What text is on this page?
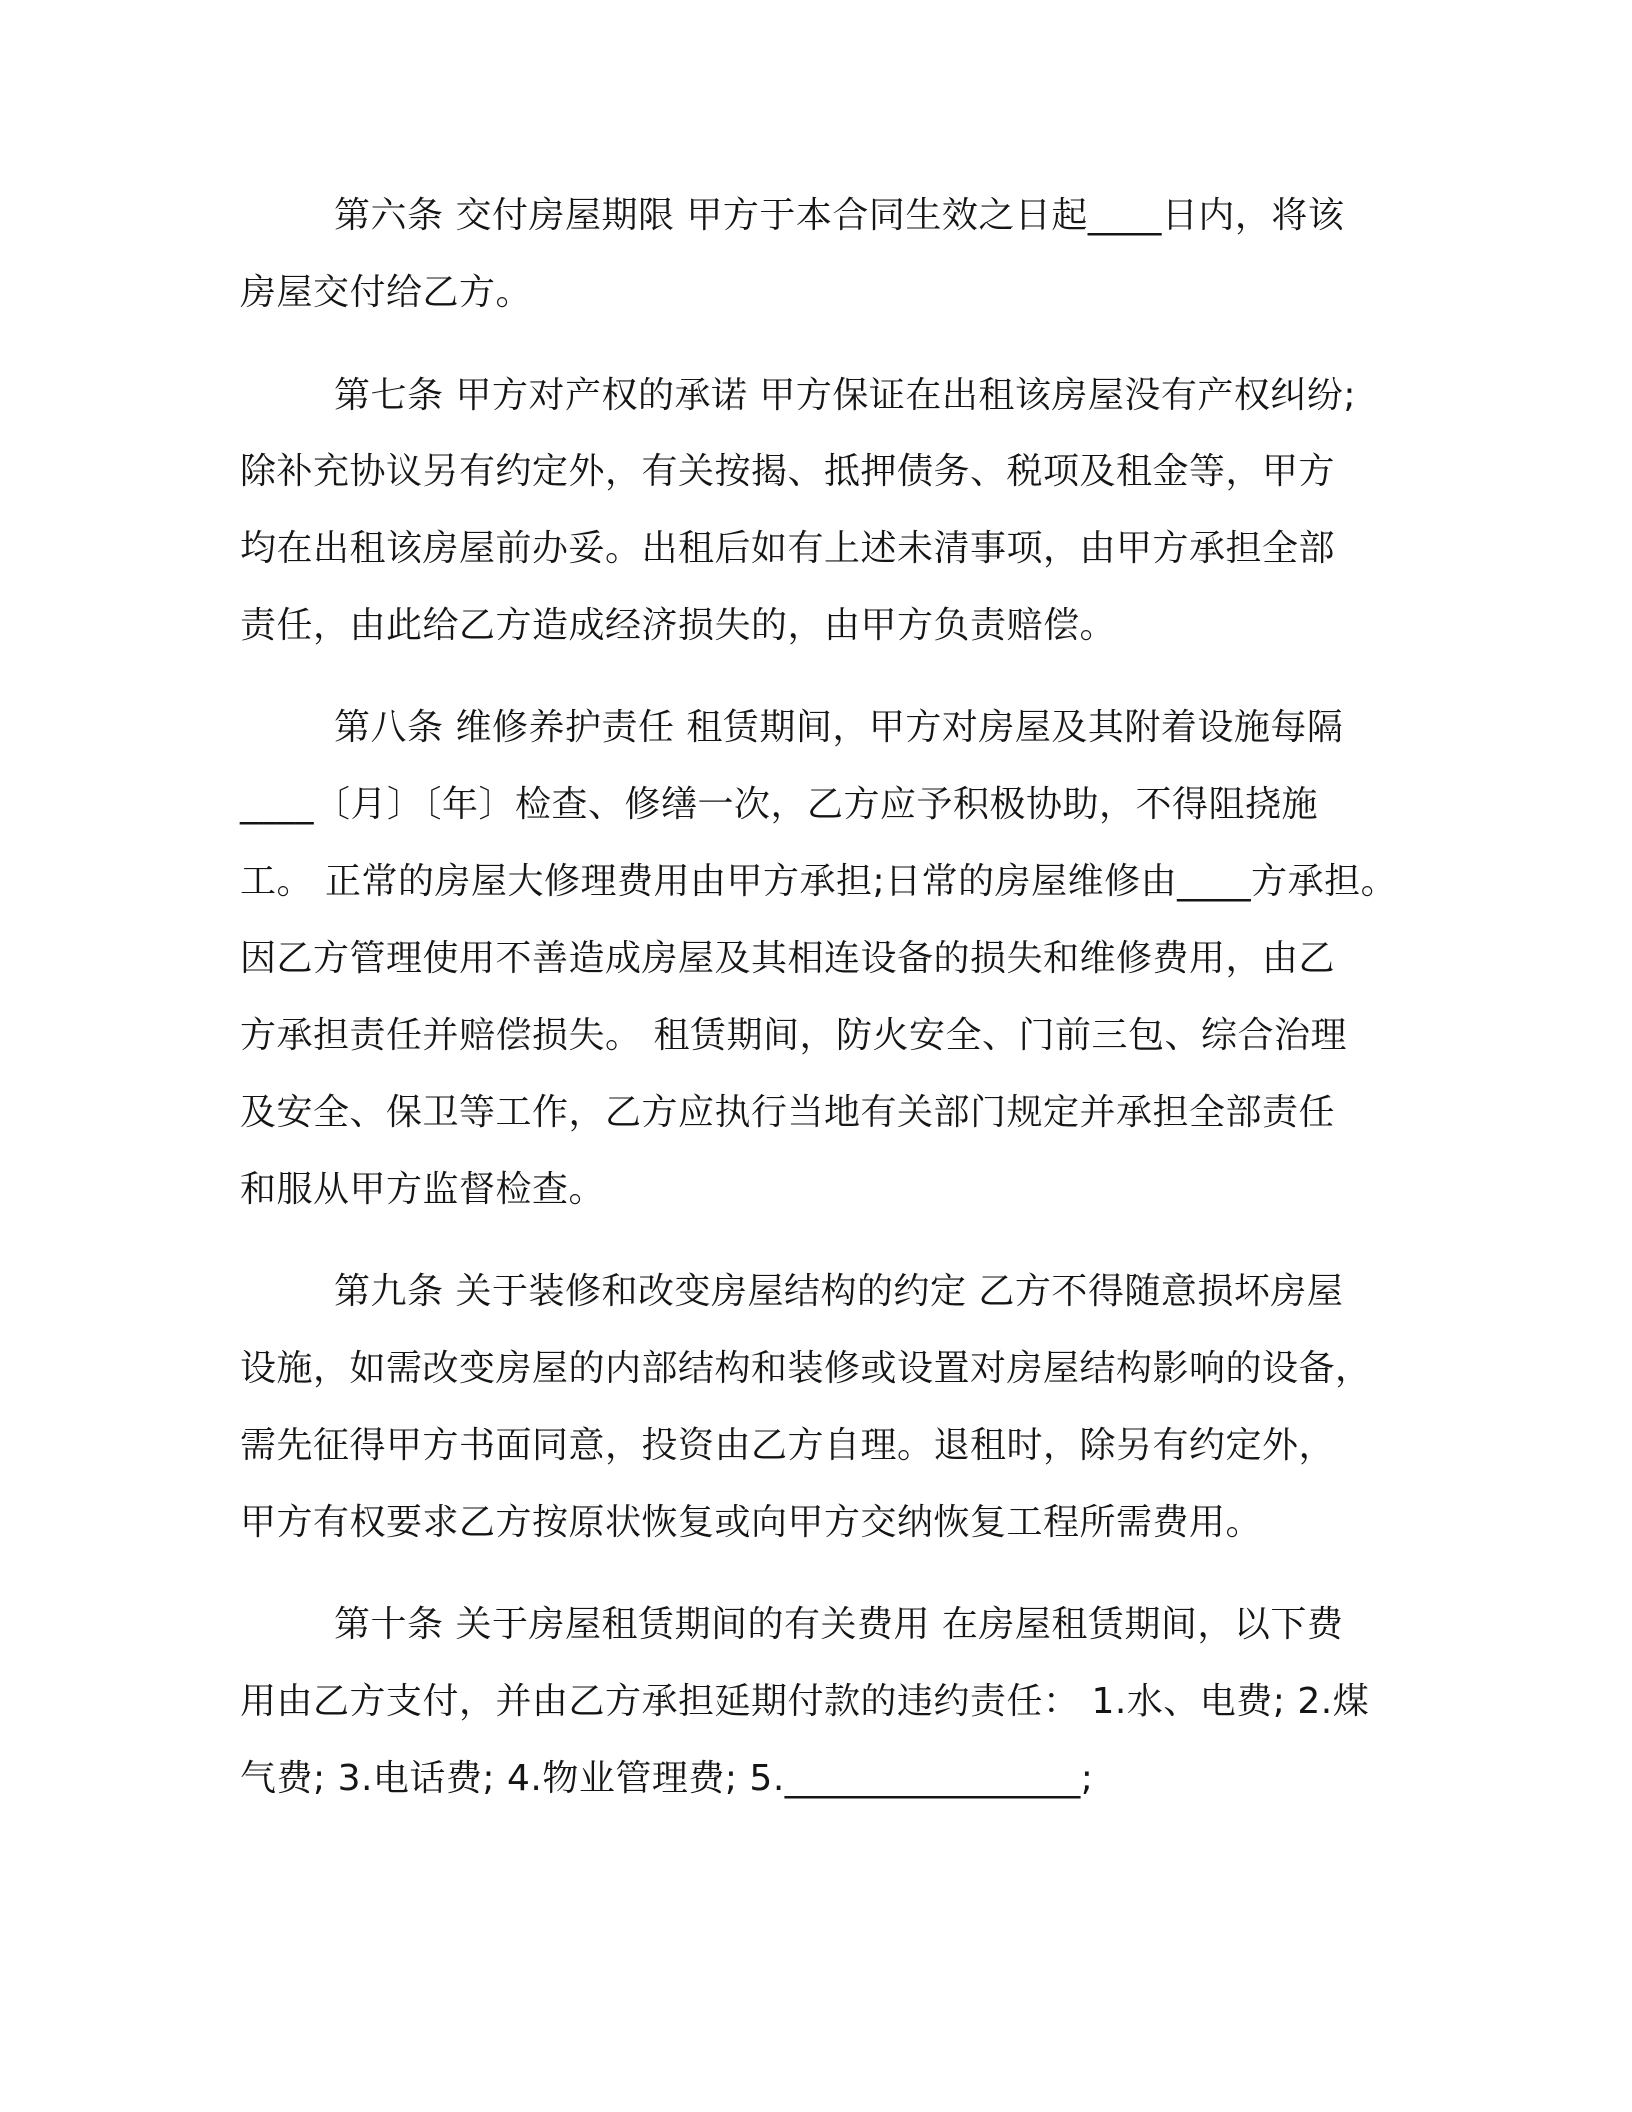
第六条 交付房屋期限 甲方于本合同生效之日起____日内，将该
房屋交付给乙方。
第七条 甲方对产权的承诺 甲方保证在出租该房屋没有产权纠纷;
除补充协议另有约定外，有关按揭、抵押债务、税项及租金等，甲方
均在出租该房屋前办妥。出租后如有上述未清事项，由甲方承担全部
责任，由此给乙方造成经济损失的，由甲方负责赔偿。
第八条 维修养护责任 租赁期间，甲方对房屋及其附着设施每隔
____〔月〕〔年〕检查、修缮一次，乙方应予积极协助，不得阻挠施
工。 正常的房屋大修理费用由甲方承担;日常的房屋维修由____方承担。
因乙方管理使用不善造成房屋及其相连设备的损失和维修费用，由乙
方承担责任并赔偿损失。 租赁期间，防火安全、门前三包、综合治理
及安全、保卫等工作，乙方应执行当地有关部门规定并承担全部责任
和服从甲方监督检查。
第九条 关于装修和改变房屋结构的约定 乙方不得随意损坏房屋
设施，如需改变房屋的内部结构和装修或设置对房屋结构影响的设备，
需先征得甲方书面同意，投资由乙方自理。退租时，除另有约定外，
甲方有权要求乙方按原状恢复或向甲方交纳恢复工程所需费用。
第十条 关于房屋租赁期间的有关费用 在房屋租赁期间，以下费
用由乙方支付，并由乙方承担延期付款的违约责任： 1.水、电费; 2.煤
气费; 3.电话费; 4.物业管理费; 5.________________;
